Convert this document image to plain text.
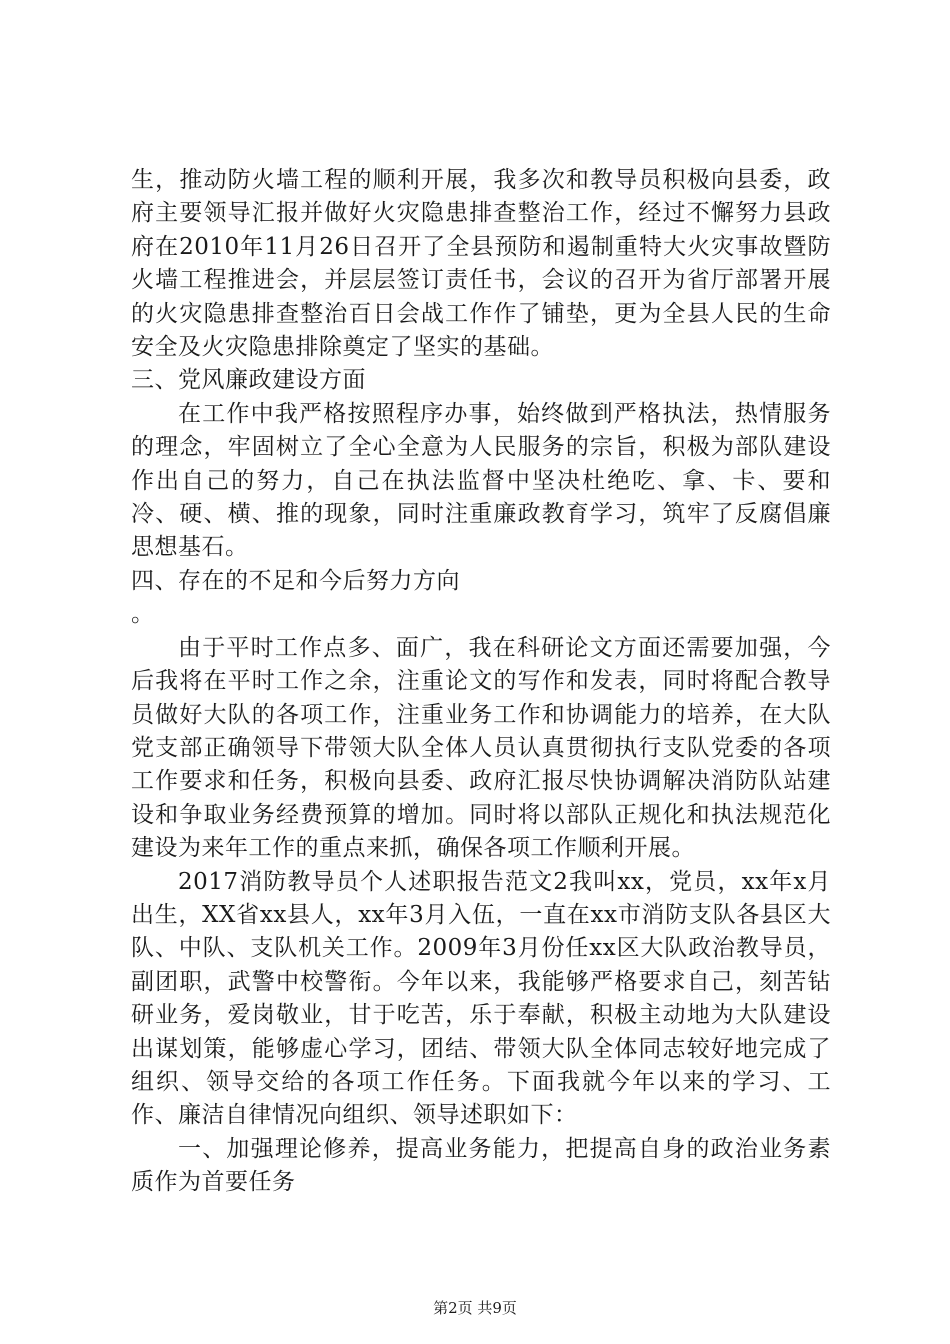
生，推动防火墙工程的顺利开展，我多次和教导员积极向县委，政府主要领导汇报并做好火灾隐患排查整治工作，经过不懈努力县政府在2010年11月26日召开了全县预防和遏制重特大火灾事故暨防火墙工程推进会，并层层签订责任书，会议的召开为省厅部署开展的火灾隐患排查整治百日会战工作作了铺垫，更为全县人民的生命安全及火灾隐患排除奠定了坚实的基础。

三、党风廉政建设方面

在工作中我严格按照程序办事，始终做到严格执法，热情服务的理念，牢固树立了全心全意为人民服务的宗旨，积极为部队建设作出自己的努力，自己在执法监督中坚决杜绝吃、拿、卡、要和冷、硬、横、推的现象，同时注重廉政教育学习，筑牢了反腐倡廉思想基石。

四、存在的不足和今后努力方向

。

由于平时工作点多、面广，我在科研论文方面还需要加强，今后我将在平时工作之余，注重论文的写作和发表，同时将配合教导员做好大队的各项工作，注重业务工作和协调能力的培养，在大队党支部正确领导下带领大队全体人员认真贯彻执行支队党委的各项工作要求和任务，积极向县委、政府汇报尽快协调解决消防队站建设和争取业务经费预算的增加。同时将以部队正规化和执法规范化建设为来年工作的重点来抓，确保各项工作顺利开展。

2017消防教导员个人述职报告范文2我叫xx，党员，xx年x月出生，XX省xx县人，xx年3月入伍，一直在xx市消防支队各县区大队、中队、支队机关工作。2009年3月份任xx区大队政治教导员，副团职，武警中校警衔。今年以来，我能够严格要求自己，刻苦钻研业务，爱岗敬业，甘于吃苦，乐于奉献，积极主动地为大队建设出谋划策，能够虚心学习，团结、带领大队全体同志较好地完成了组织、领导交给的各项工作任务。下面我就今年以来的学习、工作、廉洁自律情况向组织、领导述职如下：

一、加强理论修养，提高业务能力，把提高自身的政治业务素质作为首要任务

第2页 共9页
